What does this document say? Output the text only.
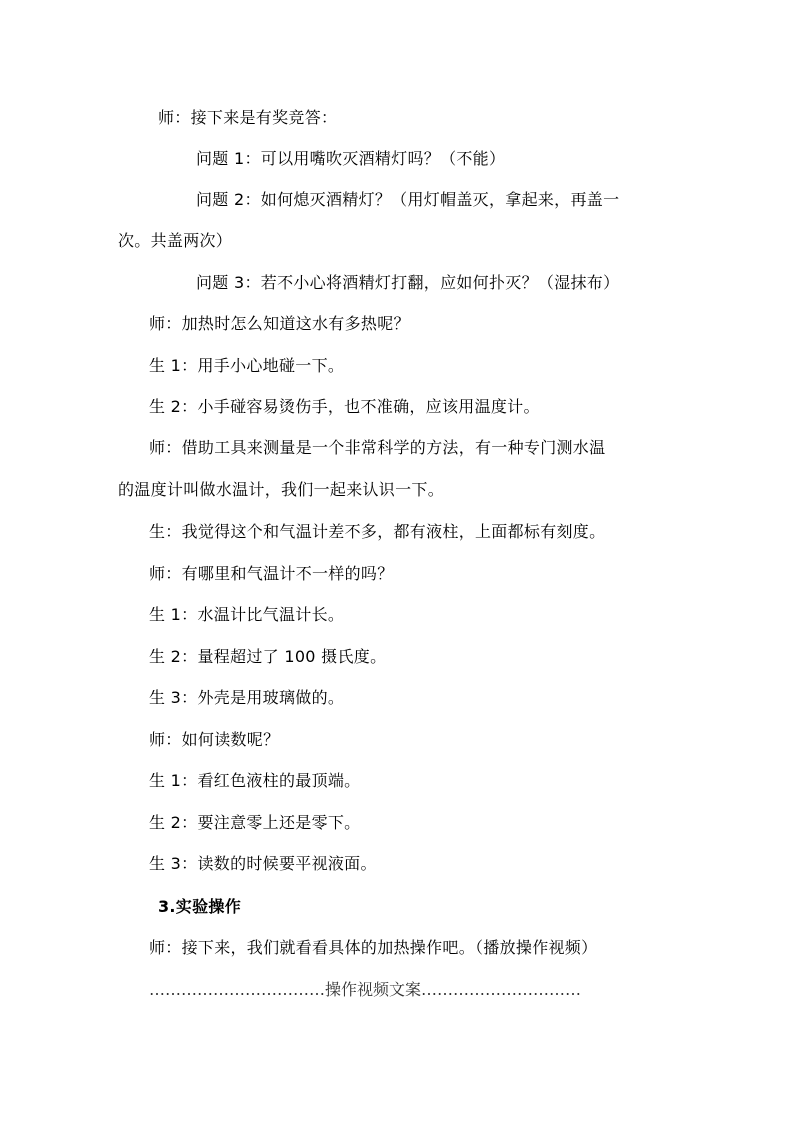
师：接下来是有奖竞答：
问题 1：可以用嘴吹灭酒精灯吗？（不能）
问题 2：如何熄灭酒精灯？（用灯帽盖灭，拿起来，再盖一
次。共盖两次）
问题 3：若不小心将酒精灯打翻，应如何扑灭？（湿抹布）
师：加热时怎么知道这水有多热呢？
生 1：用手小心地碰一下。
生 2：小手碰容易烫伤手，也不准确，应该用温度计。
师：借助工具来测量是一个非常科学的方法，有一种专门测水温
的温度计叫做水温计，我们一起来认识一下。
生：我觉得这个和气温计差不多，都有液柱，上面都标有刻度。
师：有哪里和气温计不一样的吗？
生 1：水温计比气温计长。
生 2：量程超过了 100 摄氏度。
生 3：外壳是用玻璃做的。
师：如何读数呢？
生 1：看红色液柱的最顶端。
生 2：要注意零上还是零下。
生 3：读数的时候要平视液面。
3.实验操作
师：接下来，我们就看看具体的加热操作吧。（播放操作视频）
……………………………操作视频文案…………………………
